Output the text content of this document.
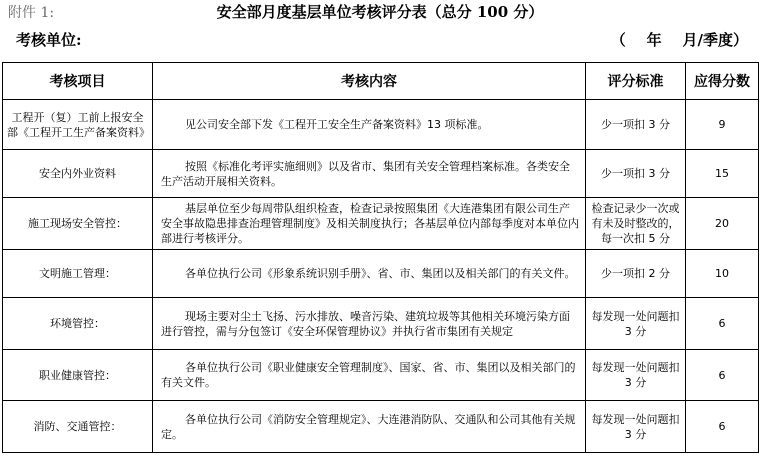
附件 1:	安全部月度基层单位考核评分表（总分 100 分）
考核单位:	（    年    月/季度）
考核项目	考核内容	评分标准	应得分数
工程开（复）工前上报安全部《工程开工生产备案资料》	见公司安全部下发《工程开工安全生产备案资料》13 项标准。	少一项扣 3 分	9
安全内外业资料	按照《标准化考评实施细则》以及省市、集团有关安全管理档案标准。各类安全生产活动开展相关资料。	少一项扣 3 分	15
施工现场安全管控：	基层单位至少每周带队组织检查，检查记录按照集团《大连港集团有限公司生产安全事故隐患排查治理管理制度》及相关制度执行；各基层单位内部每季度对本单位内部进行考核评分。	检查记录少一次或有未及时整改的，每一次扣 5 分	20
文明施工管理：	各单位执行公司《形象系统识别手册》、省、市、集团以及相关部门的有关文件。	少一项扣 2 分	10
环境管控：	现场主要对尘土飞扬、污水排放、噪音污染、建筑垃圾等其他相关环境污染方面进行管控，需与分包签订《安全环保管理协议》并执行省市集团有关规定	每发现一处问题扣 3 分	6
职业健康管控：	各单位执行公司《职业健康安全管理制度》、国家、省、市、集团以及相关部门的有关文件。	每发现一处问题扣 3 分	6
消防、交通管控：	各单位执行公司《消防安全管理规定》、大连港消防队、交通队和公司其他有关规定。	每发现一处问题扣 3 分	6
